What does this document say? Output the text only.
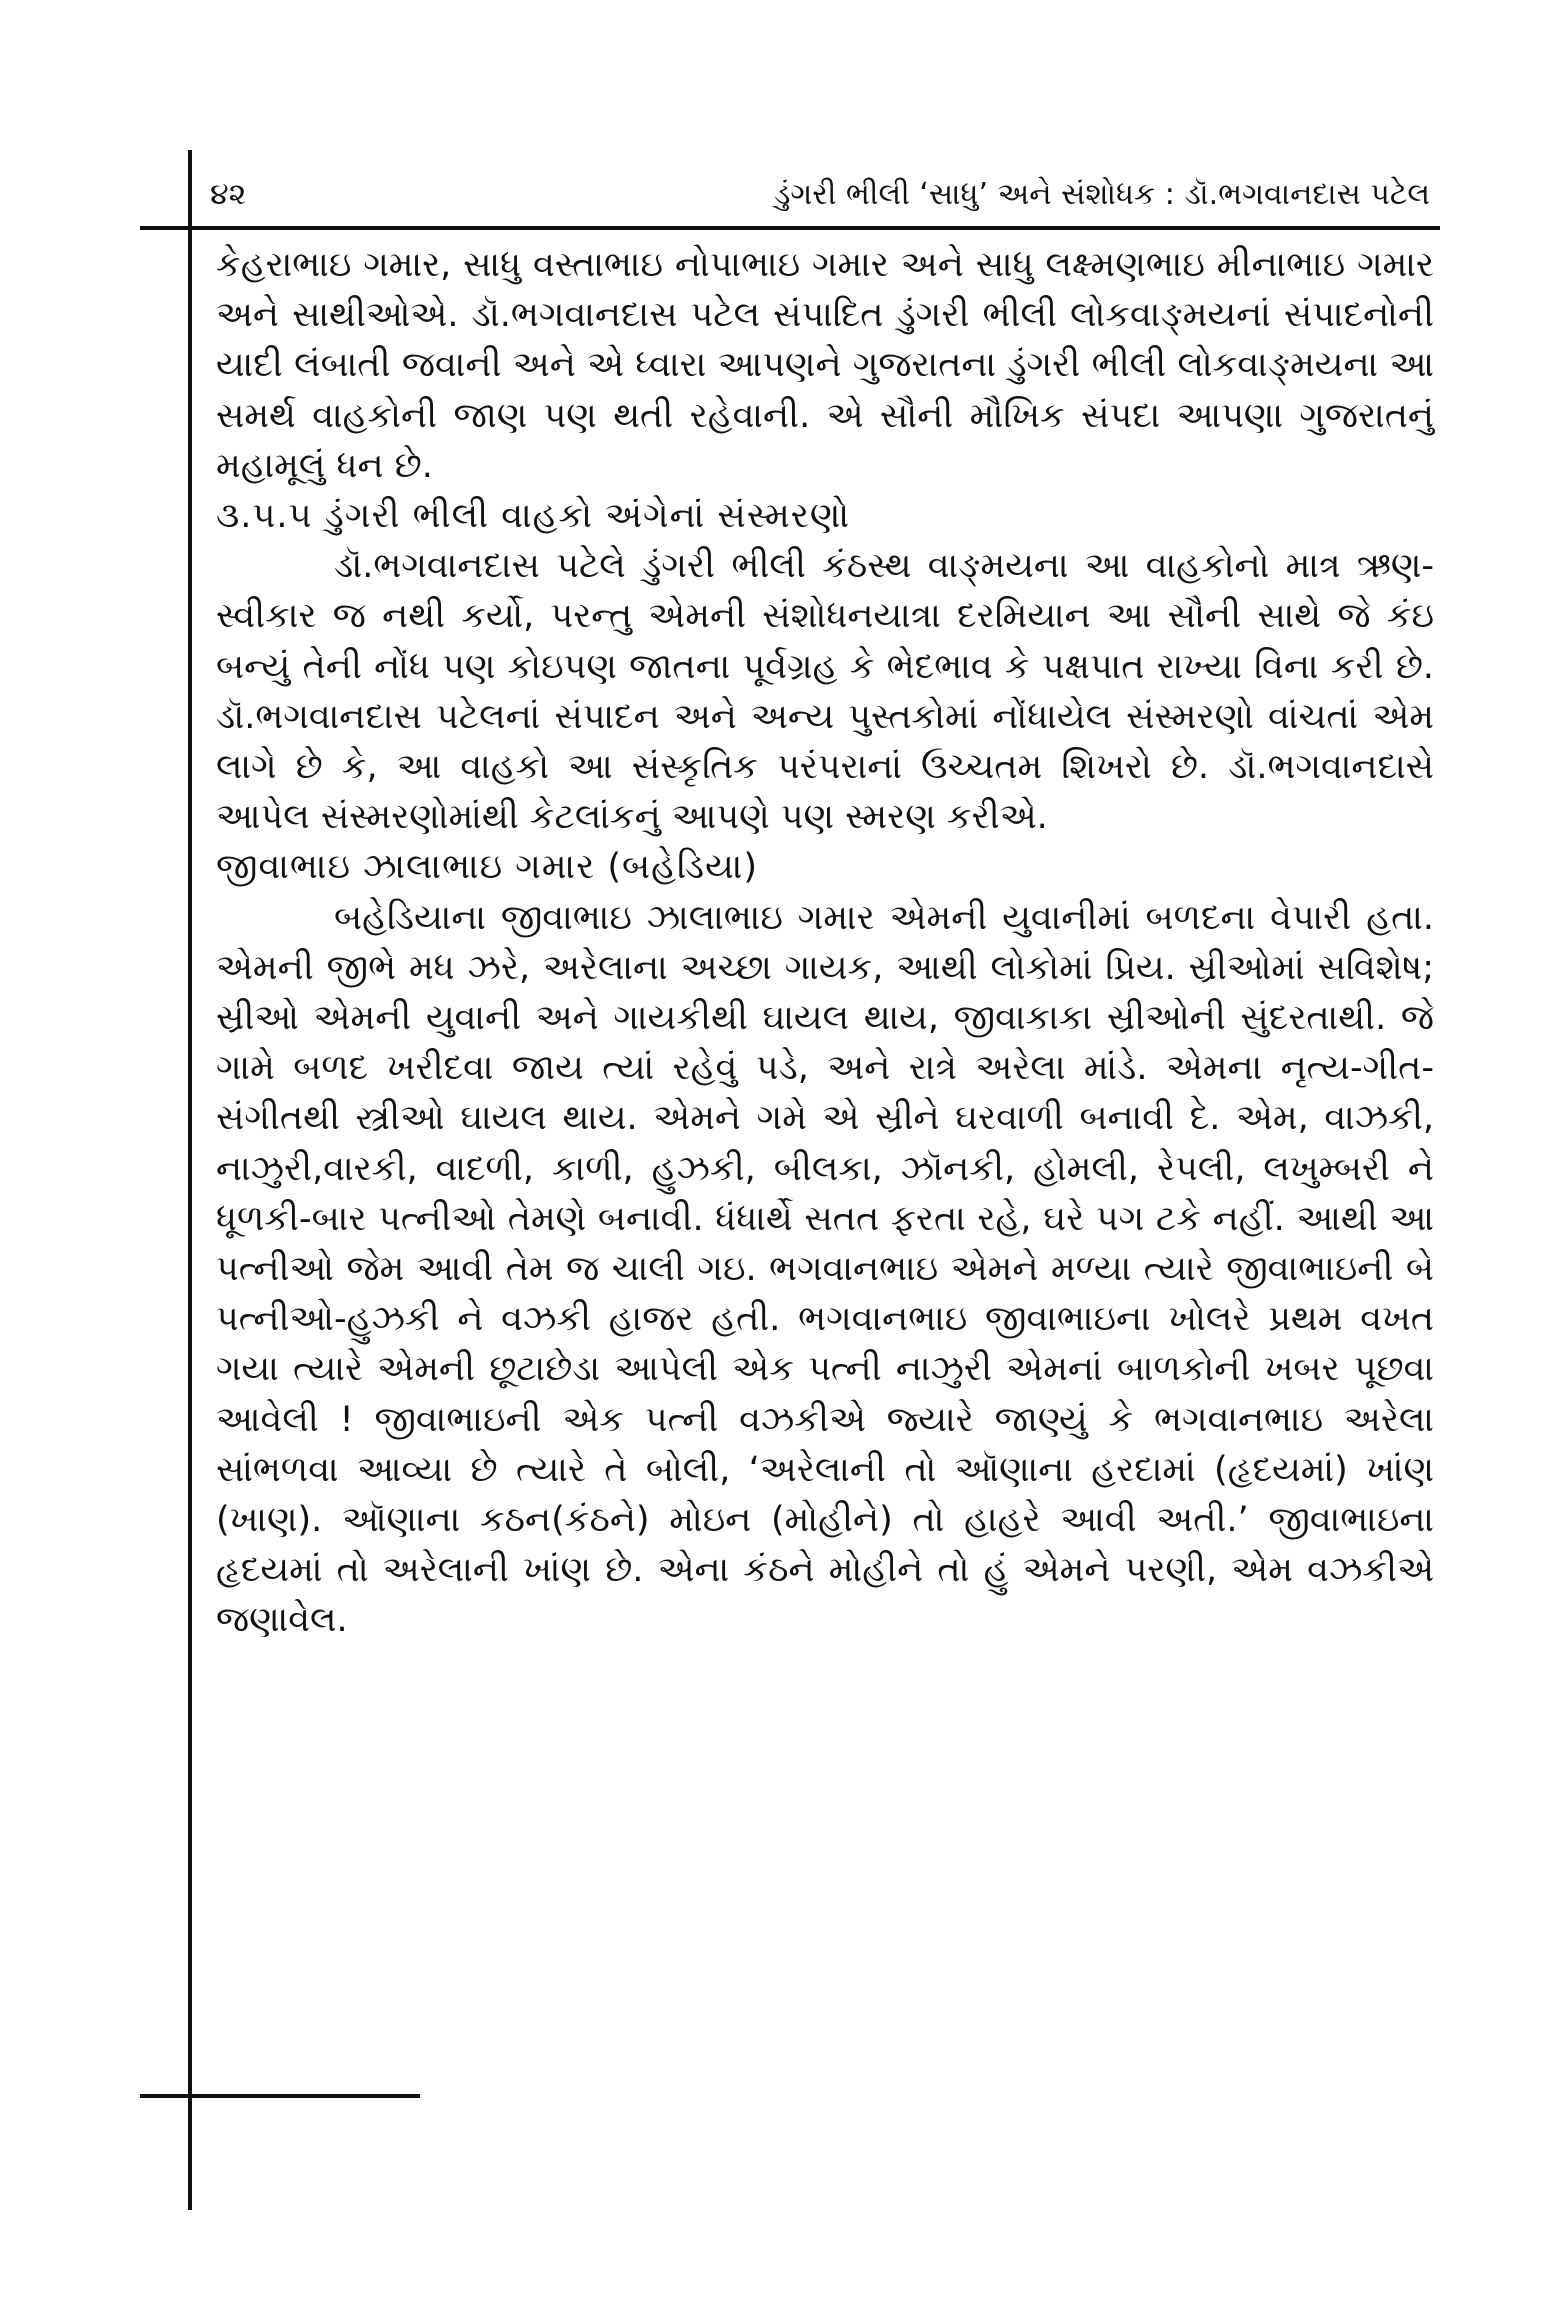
૪૨	ડુંગરી ભીલી ‘સાધુ’ અને સંશોધક : ડૉ.ભગવાનદાસ પટેલ

કેહરાભાઇ ગમાર, સાધુ વસ્તાભાઇ નોપાભાઇ ગમાર અને સાધુ લક્ષ્મણભાઇ મીનાભાઇ ગમાર અને સાથીઓએ. ડૉ.ભગવાનદાસ પટેલ સંપાદિત ડુંગરી ભીલી લોકવાઙ્મયનાં સંપાદનોની યાદી લંબાતી જવાની અને એ ધ્વારા આપણને ગુજરાતના ડુંગરી ભીલી લોકવાઙ્મયના આ સમર્થ વાહકોની જાણ પણ થતી રહેવાની. એ સૌની મૌખિક સંપદા આપણા ગુજરાતનું મહામૂલું ધન છે.

૩.૫.૫ ડુંગરી ભીલી વાહકો અંગેનાં સંસ્મરણો

ડૉ.ભગવાનદાસ પટેલે ડુંગરી ભીલી કંઠસ્થ વાઙ્મયના આ વાહકોનો માત્ર ઋણ-સ્વીકાર જ નથી કર્યો, પરન્તુ એમની સંશોધનયાત્રા દરમિયાન આ સૌની સાથે જે કંઇ બન્યું તેની નોંધ પણ કોઇપણ જાતના પૂર્વગ્રહ કે ભેદભાવ કે પક્ષપાત રાખ્યા વિના કરી છે. ડૉ.ભગવાનદાસ પટેલનાં સંપાદન અને અન્ય પુસ્તકોમાં નોંધાયેલ સંસ્મરણો વાંચતાં એમ લાગે છે કે, આ વાહકો આ સંસ્કૃતિક પરંપરાનાં ઉચ્ચતમ શિખરો છે. ડૉ.ભગવાનદાસે આપેલ સંસ્મરણોમાંથી કેટલાંકનું આપણે પણ સ્મરણ કરીએ.

જીવાભાઇ ઝાલાભાઇ ગમાર (બહેડિયા)

બહેડિયાના જીવાભાઇ ઝાલાભાઇ ગમાર એમની યુવાનીમાં બળદના વેપારી હતા. એમની જીભે મધ ઝરે, અરેલાના અચ્છા ગાયક, આથી લોકોમાં પ્રિય. સ્રીઓમાં સવિશેષ; સ્રીઓ એમની યુવાની અને ગાયકીથી ઘાયલ થાય, જીવાકાકા સ્રીઓની સુંદરતાથી. જે ગામે બળદ ખરીદવા જાય ત્યાં રહેવું પડે, અને રાત્રે અરેલા માંડે. એમના નૃત્ય-ગીત-સંગીતથી સ્ત્રીઓ ઘાયલ થાય. એમને ગમે એ સ્રીને ઘરવાળી બનાવી દે. એમ, વાઝકી, નાઝુરી,વારકી, વાદળી, કાળી, હુઝકી, બીલકા, ઝૉનકી, હોમલી, રેપલી, લખુમ્બરી ને ધૂળકી-બાર પત્નીઓ તેમણે બનાવી. ધંધાર્થે સતત ફરતા રહે, ઘરે પગ ટકે નહીં. આથી આ પત્નીઓ જેમ આવી તેમ જ ચાલી ગઇ. ભગવાનભાઇ એમને મળ્યા ત્યારે જીવાભાઇની બે પત્નીઓ-હુઝકી ને વઝકી હાજર હતી. ભગવાનભાઇ જીવાભાઇના ખોલરે પ્રથમ વખત ગયા ત્યારે એમની છૂટાછેડા આપેલી એક પત્ની નાઝુરી એમનાં બાળકોની ખબર પૂછવા આવેલી ! જીવાભાઇની એક પત્ની વઝકીએ જ્યારે જાણ્યું કે ભગવાનભાઇ અરેલા સાંભળવા આવ્યા છે ત્યારે તે બોલી, ‘અરેલાની તો ઑણાના હરદામાં (હૃદયમાં) ખાંણ (ખાણ). ઑણાના કઠન(કંઠને) મોઇન (મોહીને) તો હાહરે આવી અતી.’ જીવાભાઇના હૃદયમાં તો અરેલાની ખાંણ છે. એના કંઠને મોહીને તો હું એમને પરણી, એમ વઝકીએ જણાવેલ.
